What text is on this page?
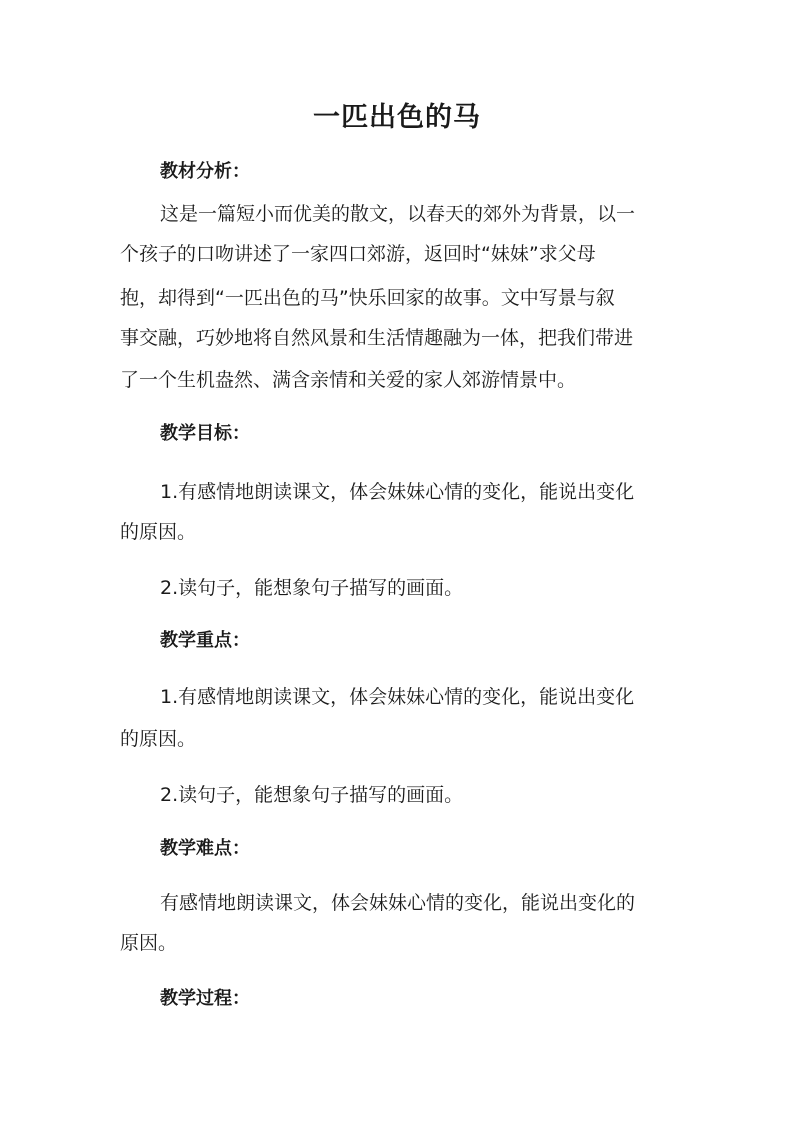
一匹出色的马
教材分析：
这是一篇短小而优美的散文，以春天的郊外为背景，以一
个孩子的口吻讲述了一家四口郊游，返回时“妹妹”求父母
抱，却得到“一匹出色的马”快乐回家的故事。文中写景与叙
事交融，巧妙地将自然风景和生活情趣融为一体，把我们带进
了一个生机盎然、满含亲情和关爱的家人郊游情景中。
教学目标：
1.有感情地朗读课文，体会妹妹心情的变化，能说出变化
的原因。
2.读句子，能想象句子描写的画面。
教学重点：
1.有感情地朗读课文，体会妹妹心情的变化，能说出变化
的原因。
2.读句子，能想象句子描写的画面。
教学难点：
有感情地朗读课文，体会妹妹心情的变化，能说出变化的
原因。
教学过程：
